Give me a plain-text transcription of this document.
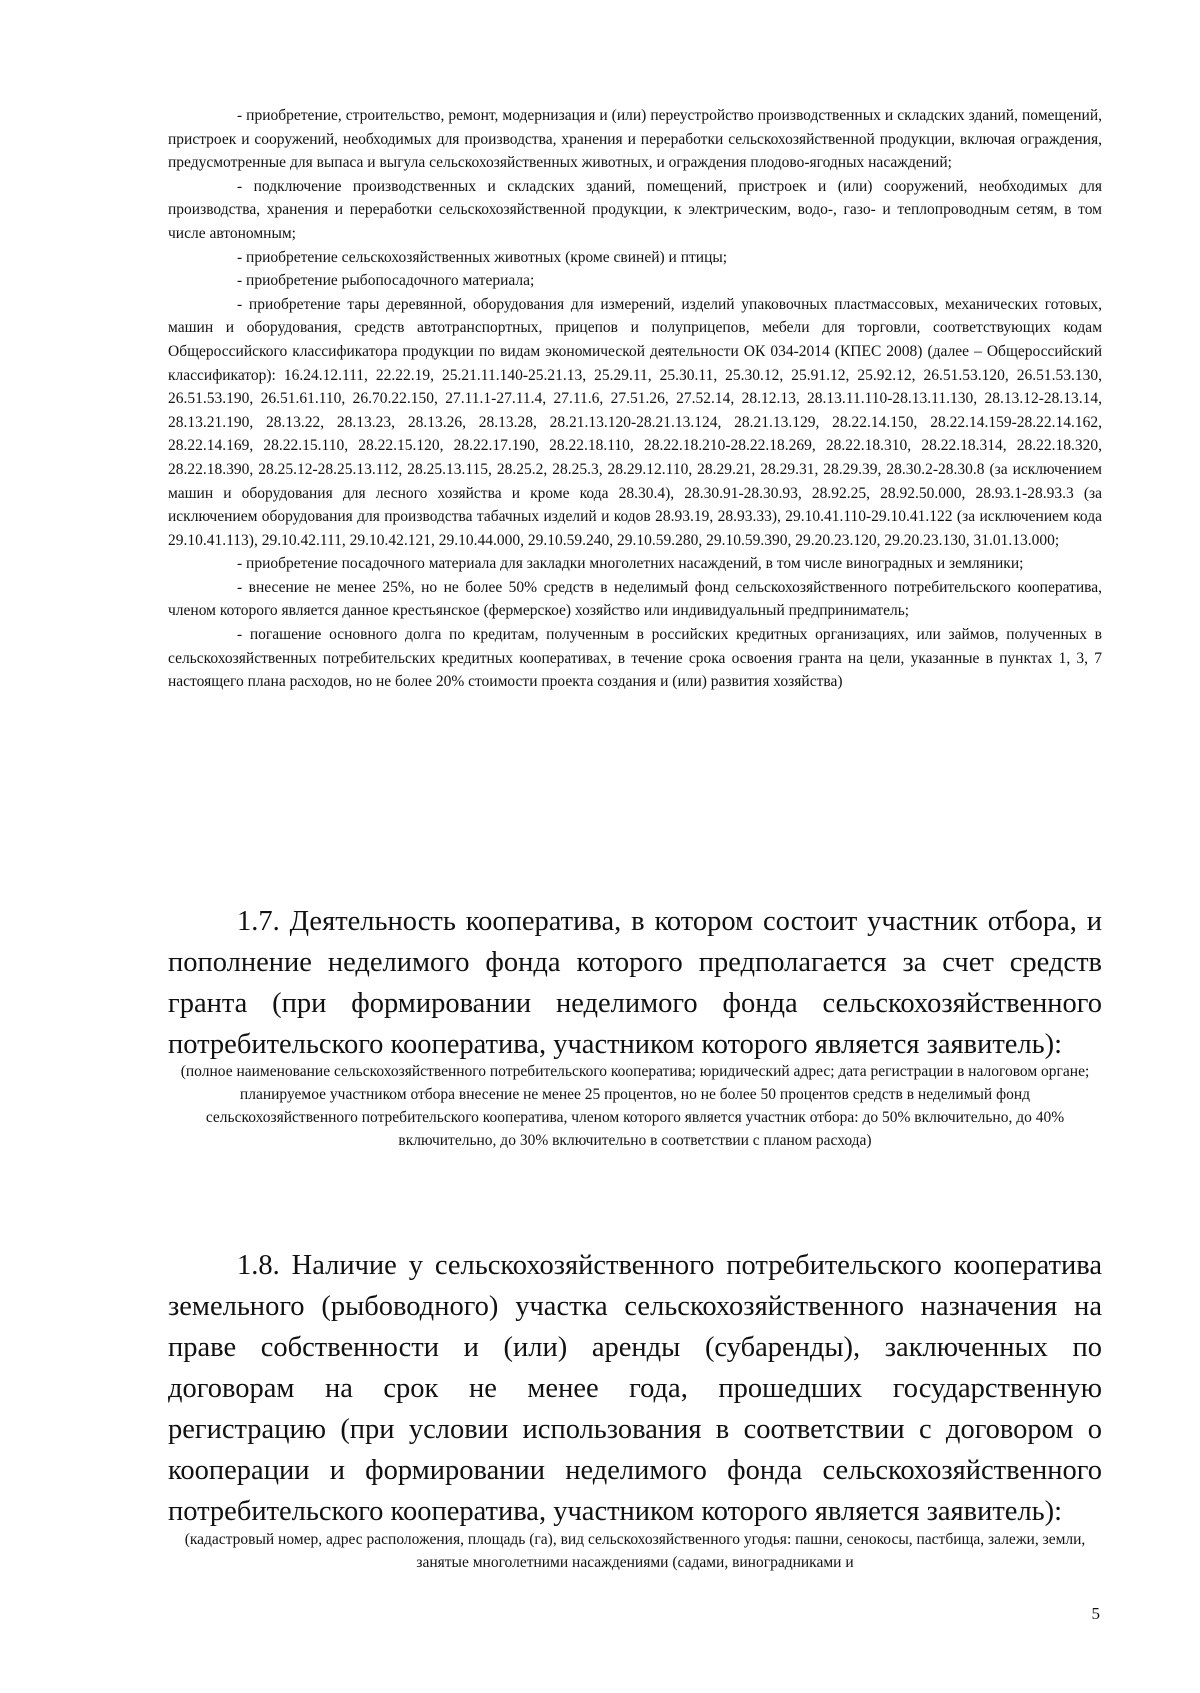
- приобретение, строительство, ремонт, модернизация и (или) переустройство производственных и складских зданий, помещений, пристроек и сооружений, необходимых для производства, хранения и переработки сельскохозяйственной продукции, включая ограждения, предусмотренные для выпаса и выгула сельскохозяйственных животных, и ограждения плодово-ягодных насаждений;

- подключение производственных и складских зданий, помещений, пристроек и (или) сооружений, необходимых для производства, хранения и переработки сельскохозяйственной продукции, к электрическим, водо-, газо- и теплопроводным сетям, в том числе автономным;

- приобретение сельскохозяйственных животных (кроме свиней) и птицы;

- приобретение рыбопосадочного материала;

- приобретение тары деревянной, оборудования для измерений, изделий упаковочных пластмассовых, механических готовых, машин и оборудования, средств автотранспортных, прицепов и полуприцепов, мебели для торговли, соответствующих кодам Общероссийского классификатора продукции по видам экономической деятельности ОК 034-2014 (КПЕС 2008) (далее – Общероссийский классификатор): 16.24.12.111, 22.22.19, 25.21.11.140-25.21.13, 25.29.11, 25.30.11, 25.30.12, 25.91.12, 25.92.12, 26.51.53.120, 26.51.53.130, 26.51.53.190, 26.51.61.110, 26.70.22.150, 27.11.1-27.11.4, 27.11.6, 27.51.26, 27.52.14, 28.12.13, 28.13.11.110-28.13.11.130, 28.13.12-28.13.14, 28.13.21.190, 28.13.22, 28.13.23, 28.13.26, 28.13.28, 28.21.13.120-28.21.13.124, 28.21.13.129, 28.22.14.150, 28.22.14.159-28.22.14.162, 28.22.14.169, 28.22.15.110, 28.22.15.120, 28.22.17.190, 28.22.18.110, 28.22.18.210-28.22.18.269, 28.22.18.310, 28.22.18.314, 28.22.18.320, 28.22.18.390, 28.25.12-28.25.13.112, 28.25.13.115, 28.25.2, 28.25.3, 28.29.12.110, 28.29.21, 28.29.31, 28.29.39, 28.30.2-28.30.8 (за исключением машин и оборудования для лесного хозяйства и кроме кода 28.30.4), 28.30.91-28.30.93, 28.92.25, 28.92.50.000, 28.93.1-28.93.3 (за исключением оборудования для производства табачных изделий и кодов 28.93.19, 28.93.33), 29.10.41.110-29.10.41.122 (за исключением кода 29.10.41.113), 29.10.42.111, 29.10.42.121, 29.10.44.000, 29.10.59.240, 29.10.59.280, 29.10.59.390, 29.20.23.120, 29.20.23.130, 31.01.13.000;

- приобретение посадочного материала для закладки многолетних насаждений, в том числе виноградных и земляники;

- внесение не менее 25%, но не более 50% средств в неделимый фонд сельскохозяйственного потребительского кооператива, членом которого является данное крестьянское (фермерское) хозяйство или индивидуальный предприниматель;

- погашение основного долга по кредитам, полученным в российских кредитных организациях, или займов, полученных в сельскохозяйственных потребительских кредитных кооперативах, в течение срока освоения гранта на цели, указанные в пунктах 1, 3, 7 настоящего плана расходов, но не более 20% стоимости проекта создания и (или) развития хозяйства)

1.7. Деятельность кооператива, в котором состоит участник отбора, и пополнение неделимого фонда которого предполагается за счет средств гранта (при формировании неделимого фонда сельскохозяйственного потребительского кооператива, участником которого является заявитель):

(полное наименование сельскохозяйственного потребительского кооператива; юридический адрес; дата регистрации в налоговом органе; планируемое участником отбора внесение не менее 25 процентов, но не более 50 процентов средств в неделимый фонд сельскохозяйственного потребительского кооператива, членом которого является участник отбора: до 50% включительно, до 40% включительно, до 30% включительно в соответствии с планом расхода)

1.8. Наличие у сельскохозяйственного потребительского кооператива земельного (рыбоводного) участка сельскохозяйственного назначения на праве собственности и (или) аренды (субаренды), заключенных по договорам на срок не менее года, прошедших государственную регистрацию (при условии использования в соответствии с договором о кооперации и формировании неделимого фонда сельскохозяйственного потребительского кооператива, участником которого является заявитель):

(кадастровый номер, адрес расположения, площадь (га), вид сельскохозяйственного угодья: пашни, сенокосы, пастбища, залежи, земли, занятые многолетними насаждениями (садами, виноградниками и

5
